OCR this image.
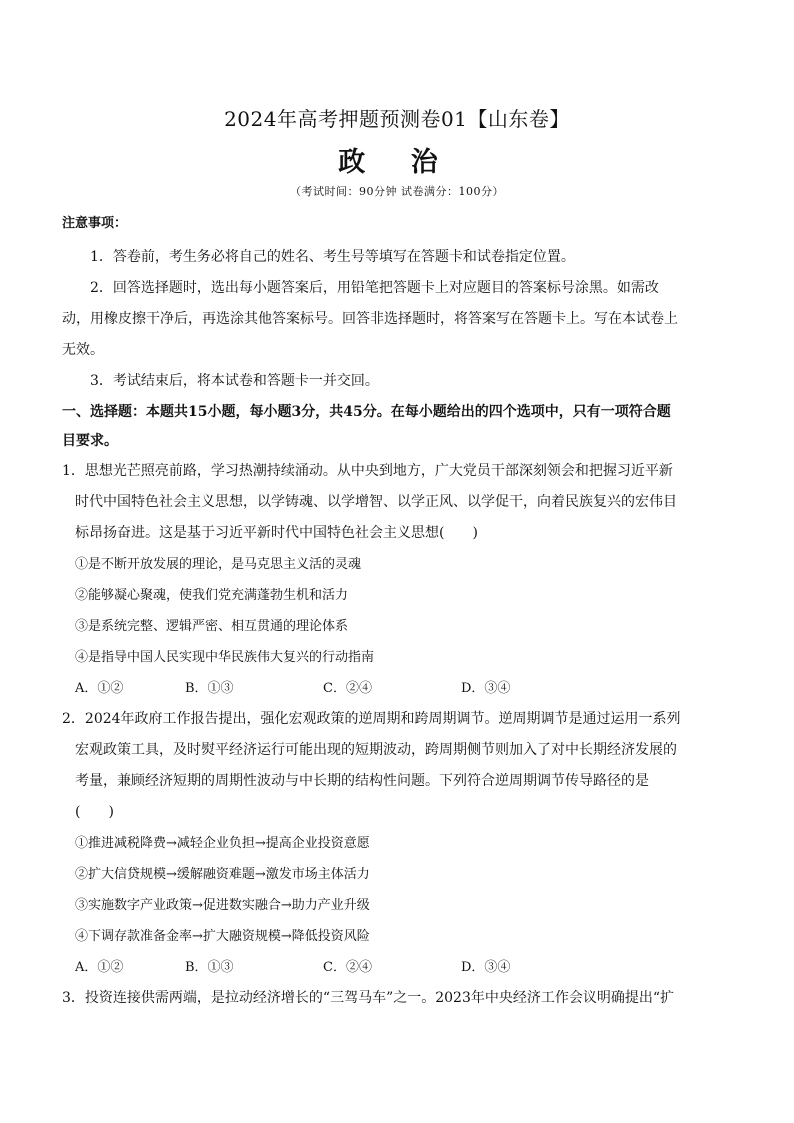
2024年高考押题预测卷01【山东卷】
政 治
（考试时间：90分钟 试卷满分：100分）
注意事项：

1．答卷前，考生务必将自己的姓名、考生号等填写在答题卡和试卷指定位置。

2．回答选择题时，选出每小题答案后，用铅笔把答题卡上对应题目的答案标号涂黑。如需改动，用橡皮擦干净后，再选涂其他答案标号。回答非选择题时，将答案写在答题卡上。写在本试卷上无效。

3．考试结束后，将本试卷和答题卡一并交回。

一、选择题：本题共15小题，每小题3分，共45分。在每小题给出的四个选项中，只有一项符合题目要求。

1．思想光芒照亮前路，学习热潮持续涌动。从中央到地方，广大党员干部深刻领会和把握习近平新时代中国特色社会主义思想，以学铸魂、以学增智、以学正风、以学促干，向着民族复兴的宏伟目标昂扬奋进。这是基于习近平新时代中国特色社会主义思想(　　)

①是不断开放发展的理论，是马克思主义活的灵魂

②能够凝心聚魂，使我们党充满蓬勃生机和活力

③是系统完整、逻辑严密、相互贯通的理论体系

④是指导中国人民实现中华民族伟大复兴的行动指南

A．①②	B．①③	C．②④	D．③④

2．2024年政府工作报告提出，强化宏观政策的逆周期和跨周期调节。逆周期调节是通过运用一系列宏观政策工具，及时熨平经济运行可能出现的短期波动，跨周期侧节则加入了对中长期经济发展的考量，兼顾经济短期的周期性波动与中长期的结构性问题。下列符合逆周期调节传导路径的是(　　)

①推进减税降费→减轻企业负担→提高企业投资意愿

②扩大信贷规模→缓解融资难题→激发市场主体活力

③实施数字产业政策→促进数实融合→助力产业升级

④下调存款准备金率→扩大融资规模→降低投资风险

A．①②	B．①③	C．②④	D．③④

3．投资连接供需两端，是拉动经济增长的“三驾马车”之一。2023年中央经济工作会议明确提出“扩
